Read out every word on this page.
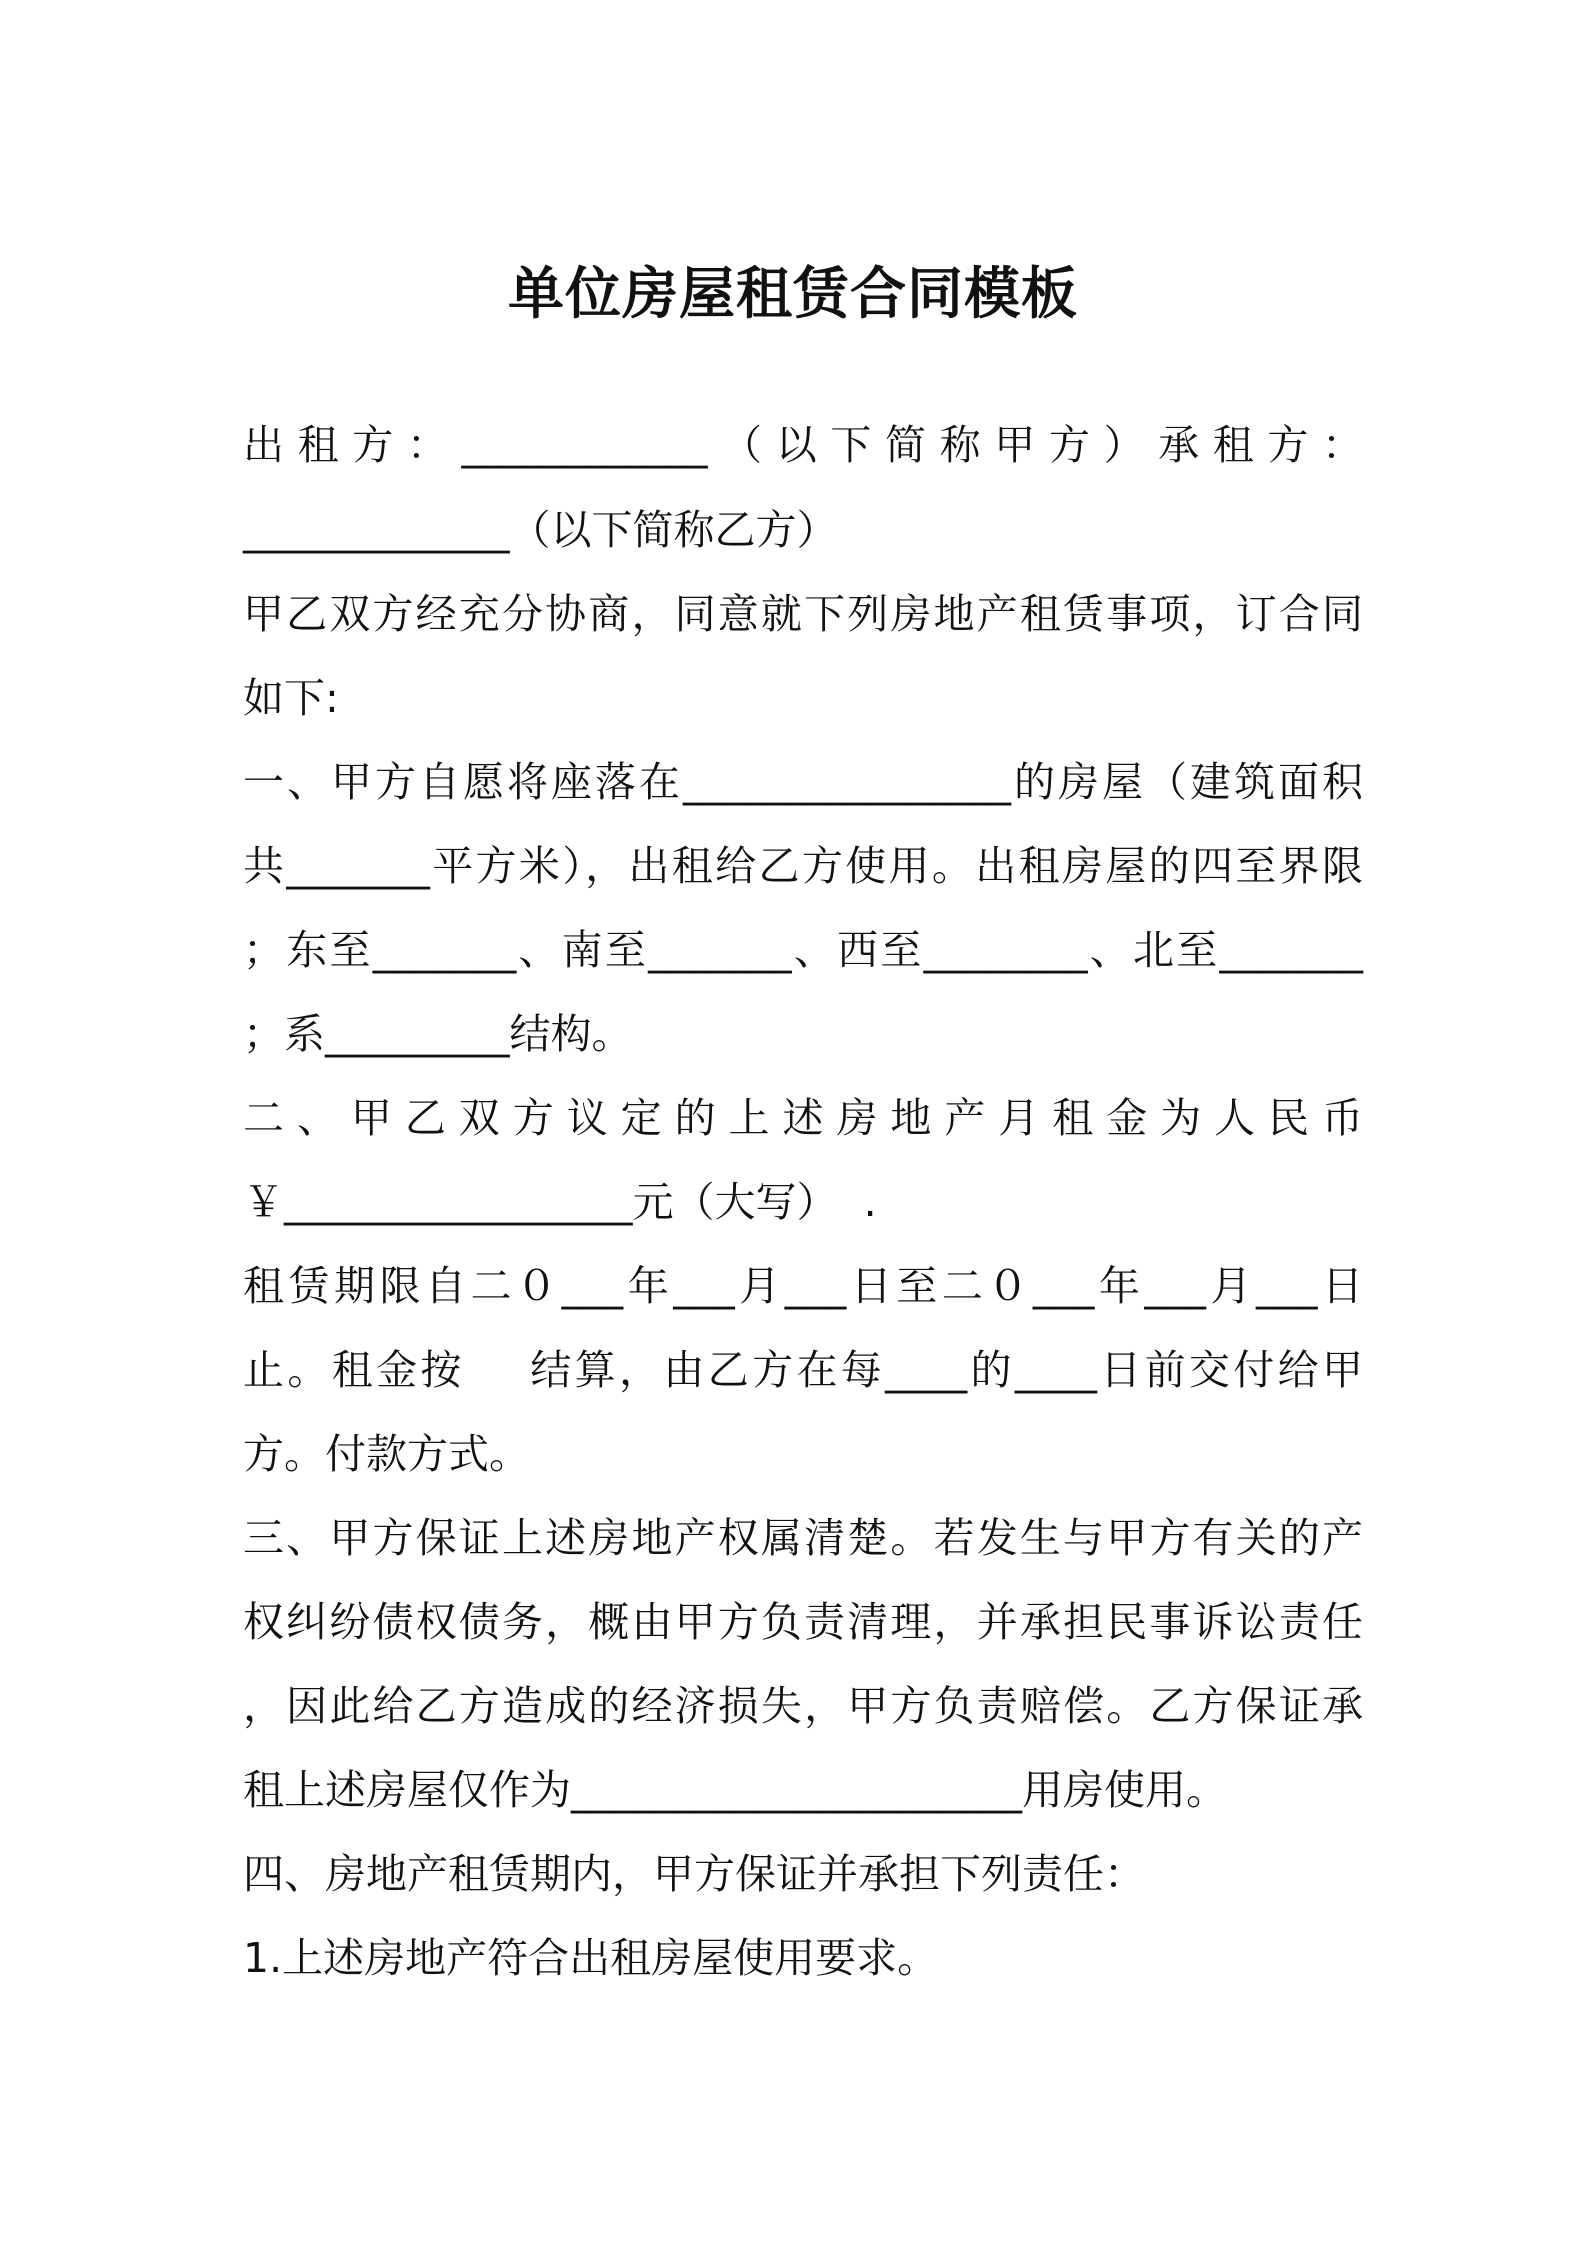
单位房屋租赁合同模板
出租方：____________（以下简称甲方）承租方：
_____________（以下简称乙方）
甲乙双方经充分协商，同意就下列房地产租赁事项，订合同
如下:
一、甲方自愿将座落在________________的房屋（建筑面积
共_______平方米），出租给乙方使用。出租房屋的四至界限
；东至_______、南至_______、西至________、北至_______
；系_________结构。
二、甲乙双方议定的上述房地产月租金为人民币
￥_________________元（大写）  .
租赁期限自二０___年___月___日至二０___年___月___日
止。租金按    结算，由乙方在每____的____日前交付给甲
方。付款方式。
三、甲方保证上述房地产权属清楚。若发生与甲方有关的产
权纠纷债权债务，概由甲方负责清理，并承担民事诉讼责任
，因此给乙方造成的经济损失，甲方负责赔偿。乙方保证承
租上述房屋仅作为______________________用房使用。
四、房地产租赁期内，甲方保证并承担下列责任：
1.上述房地产符合出租房屋使用要求。
